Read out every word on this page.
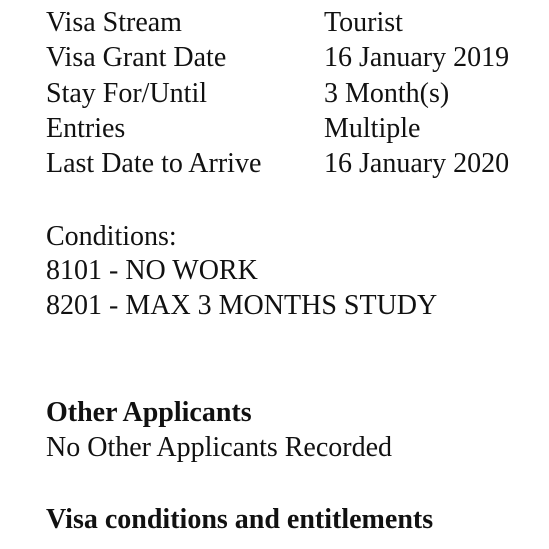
Visa Stream	Tourist
Visa Grant Date	16 January 2019
Stay For/Until	3 Month(s)
Entries	Multiple
Last Date to Arrive 16 January 2020
Conditions:
8101 - NO WORK
8201 - MAX 3 MONTHS STUDY
Other Applicants
No Other Applicants Recorded
Visa conditions and entitlements
